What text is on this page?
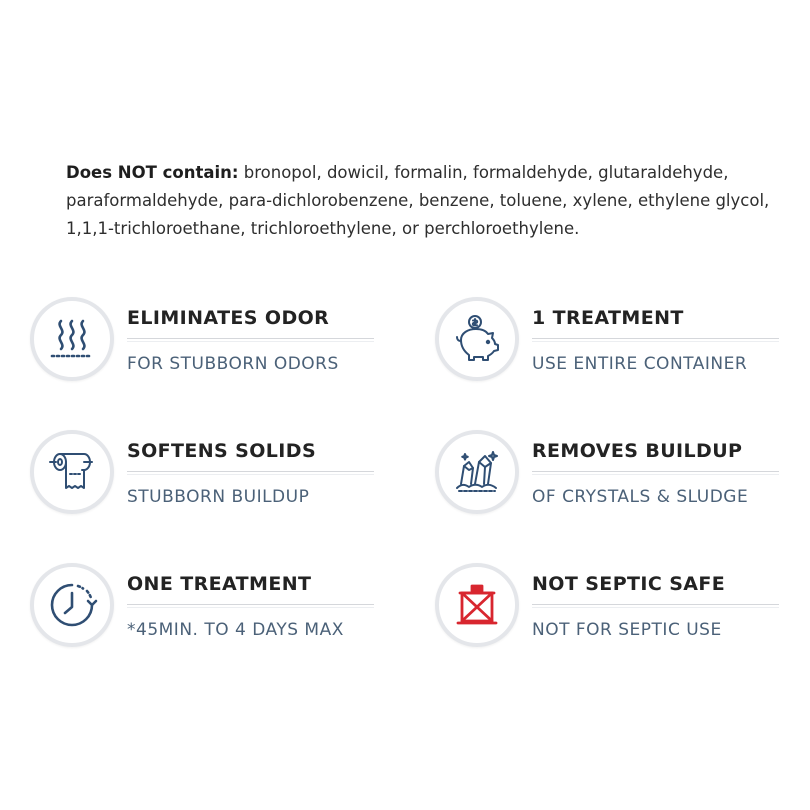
Does NOT contain: bronopol, dowicil, formalin, formaldehyde, glutaraldehyde, paraformaldehyde, para-dichlorobenzene, benzene, toluene, xylene, ethylene glycol, 1,1,1-trichloroethane, trichloroethylene, or perchloroethylene.
ELIMINATES ODOR
FOR STUBBORN ODORS
1 TREATMENT
USE ENTIRE CONTAINER
SOFTENS SOLIDS
STUBBORN BUILDUP
REMOVES BUILDUP
OF CRYSTALS & SLUDGE
ONE TREATMENT
*45MIN. TO 4 DAYS MAX
NOT SEPTIC SAFE
NOT FOR SEPTIC USE
